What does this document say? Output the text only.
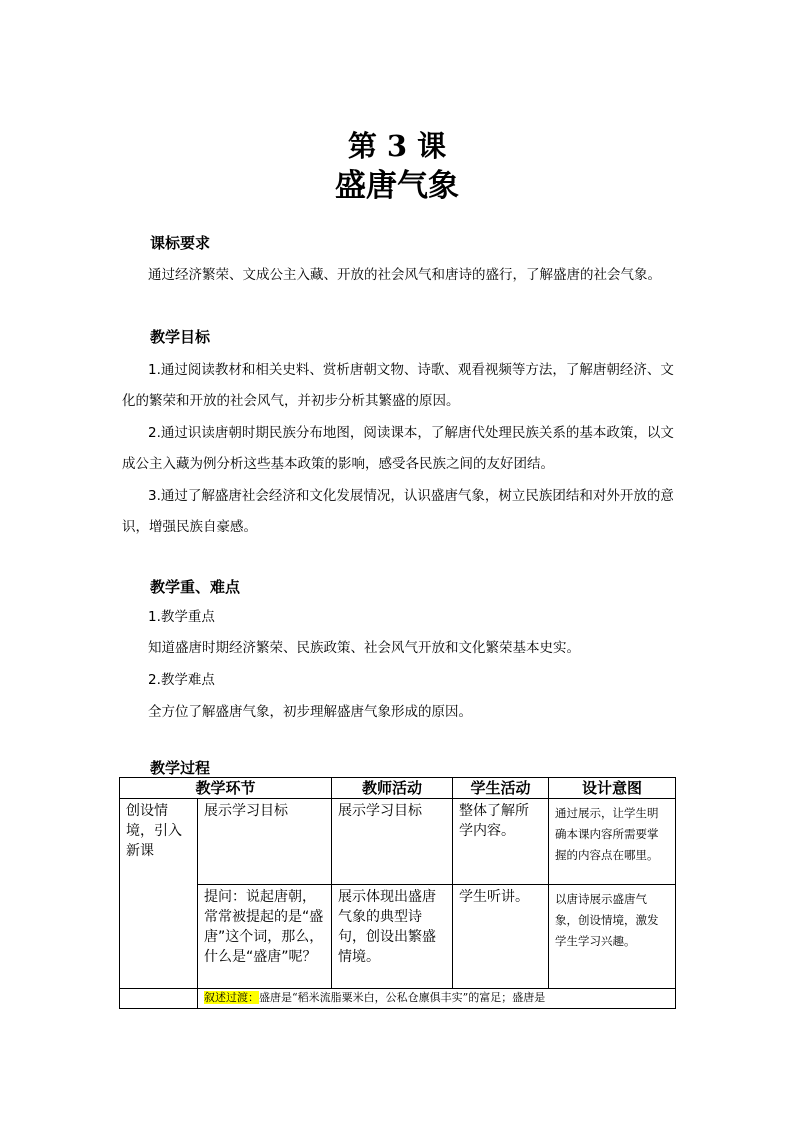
第 3 课
盛唐气象
课标要求
通过经济繁荣、文成公主入藏、开放的社会风气和唐诗的盛行，了解盛唐的社会气象。
教学目标
1.通过阅读教材和相关史料、赏析唐朝文物、诗歌、观看视频等方法，了解唐朝经济、文化的繁荣和开放的社会风气，并初步分析其繁盛的原因。
2.通过识读唐朝时期民族分布地图，阅读课本，了解唐代处理民族关系的基本政策，以文成公主入藏为例分析这些基本政策的影响，感受各民族之间的友好团结。
3.通过了解盛唐社会经济和文化发展情况，认识盛唐气象，树立民族团结和对外开放的意识，增强民族自豪感。
教学重、难点
1.教学重点
知道盛唐时期经济繁荣、民族政策、社会风气开放和文化繁荣基本史实。
2.教学难点
全方位了解盛唐气象，初步理解盛唐气象形成的原因。
教学过程
教学环节		教师活动	学生活动	设计意图
创设情境，引入新课	展示学习目标	展示学习目标	整体了解所学内容。	通过展示，让学生明确本课内容所需要掌握的内容点在哪里。
	提问：说起唐朝，常常被提起的是“盛唐”这个词，那么，什么是“盛唐”呢？	展示体现出盛唐气象的典型诗句，创设出繁盛情境。	学生听讲。	以唐诗展示盛唐气象，创设情境，激发学生学习兴趣。
	叙述过渡：盛唐是“稻米流脂粟米白，公私仓廪俱丰实”的富足；盛唐是			
